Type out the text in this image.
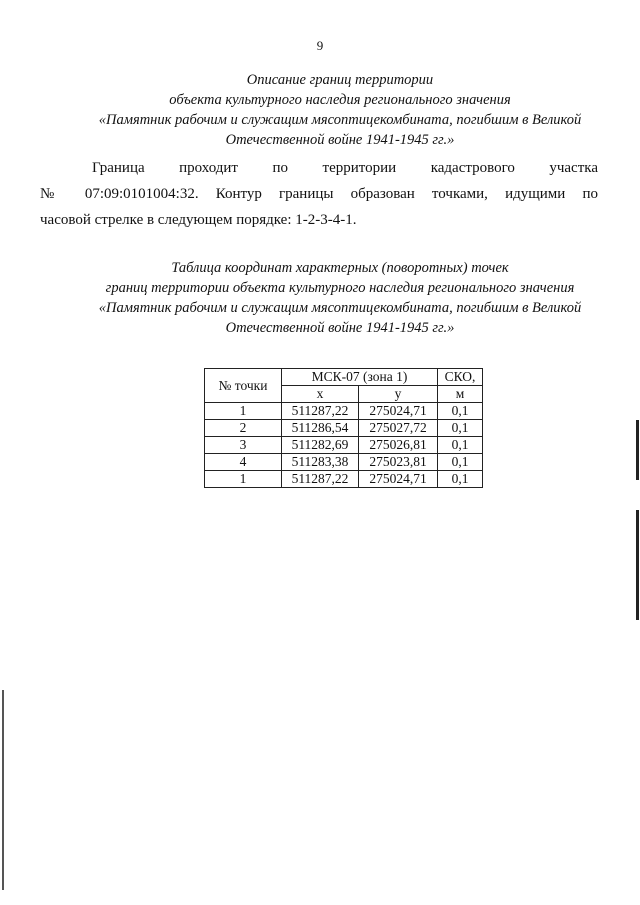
9
Описание границ территории
объекта культурного наследия регионального значения
«Памятник рабочим и служащим мясоптицекомбината, погибшим в Великой
Отечественной войне 1941-1945 гг.»
Граница проходит по территории кадастрового участка
№ 07:09:0101004:32. Контур границы образован точками, идущими по
часовой стрелке в следующем порядке: 1-2-3-4-1.
Таблица координат характерных (поворотных) точек
границ территории объекта культурного наследия регионального значения
«Памятник рабочим и служащим мясоптицекомбината, погибшим в Великой
Отечественной войне 1941-1945 гг.»
№ точки	МСК-07 (зона 1)		СКО,
	x	y	м
1	511287,22	275024,71	0,1
2	511286,54	275027,72	0,1
3	511282,69	275026,81	0,1
4	511283,38	275023,81	0,1
1	511287,22	275024,71	0,1
